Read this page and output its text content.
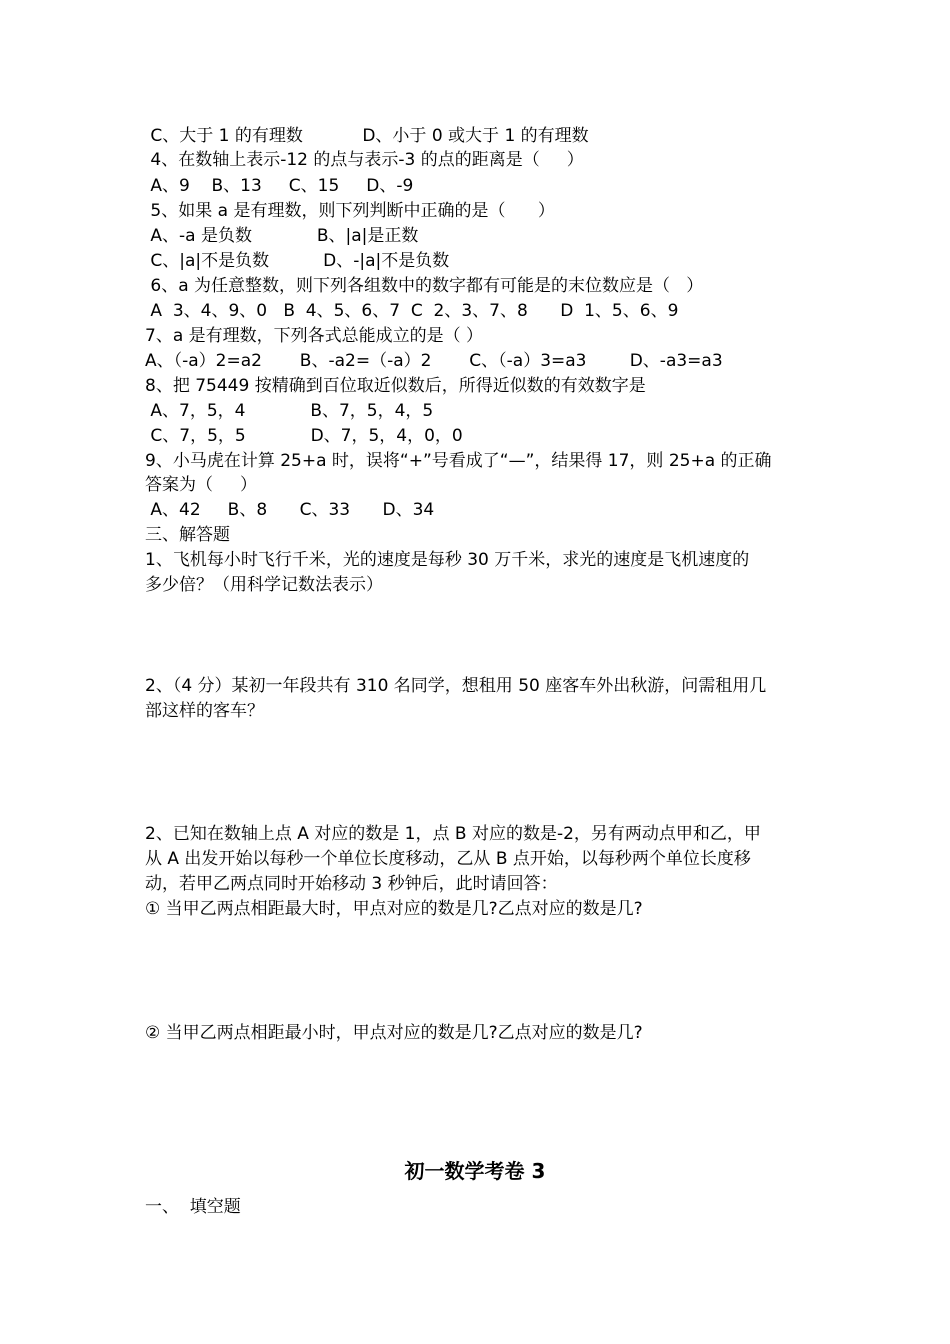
C、大于 1 的有理数           D、小于 0 或大于 1 的有理数

4、在数轴上表示-12 的点与表示-3 的点的距离是（     ）

A、9    B、13     C、15     D、-9

5、如果 a 是有理数，则下列判断中正确的是（      ）

A、-a 是负数            B、|a|是正数

C、|a|不是负数          D、-|a|不是负数

6、a 为任意整数，则下列各组数中的数字都有可能是的末位数应是（   ）

A  3、4、9、0   B  4、5、6、7  C  2、3、7、8      D  1、5、6、9

7、a 是有理数，下列各式总能成立的是（ ）

A、（-a）2=a2       B、-a2=（-a）2       C、（-a）3=a3        D、-a3=a3

8、把 75449 按精确到百位取近似数后，所得近似数的有效数字是

A、7，5，4            B、7，5，4，5

C、7，5，5            D、7，5，4，0，0

9、小马虎在计算 25+a 时，误将“+”号看成了“—”，结果得 17，则 25+a 的正确

答案为（     ）

A、42     B、8      C、33      D、34

三、解答题

1、飞机每小时飞行千米，光的速度是每秒 30 万千米，求光的速度是飞机速度的

多少倍？（用科学记数法表示）

2、（4 分）某初一年段共有 310 名同学，想租用 50 座客车外出秋游，问需租用几

部这样的客车？

2、已知在数轴上点 A 对应的数是 1，点 B 对应的数是-2，另有两动点甲和乙，甲

从 A 出发开始以每秒一个单位长度移动，乙从 B 点开始，以每秒两个单位长度移

动，若甲乙两点同时开始移动 3 秒钟后，此时请回答：

① 当甲乙两点相距最大时，甲点对应的数是几?乙点对应的数是几?

② 当甲乙两点相距最小时，甲点对应的数是几?乙点对应的数是几?

初一数学考卷 3

一、  填空题
